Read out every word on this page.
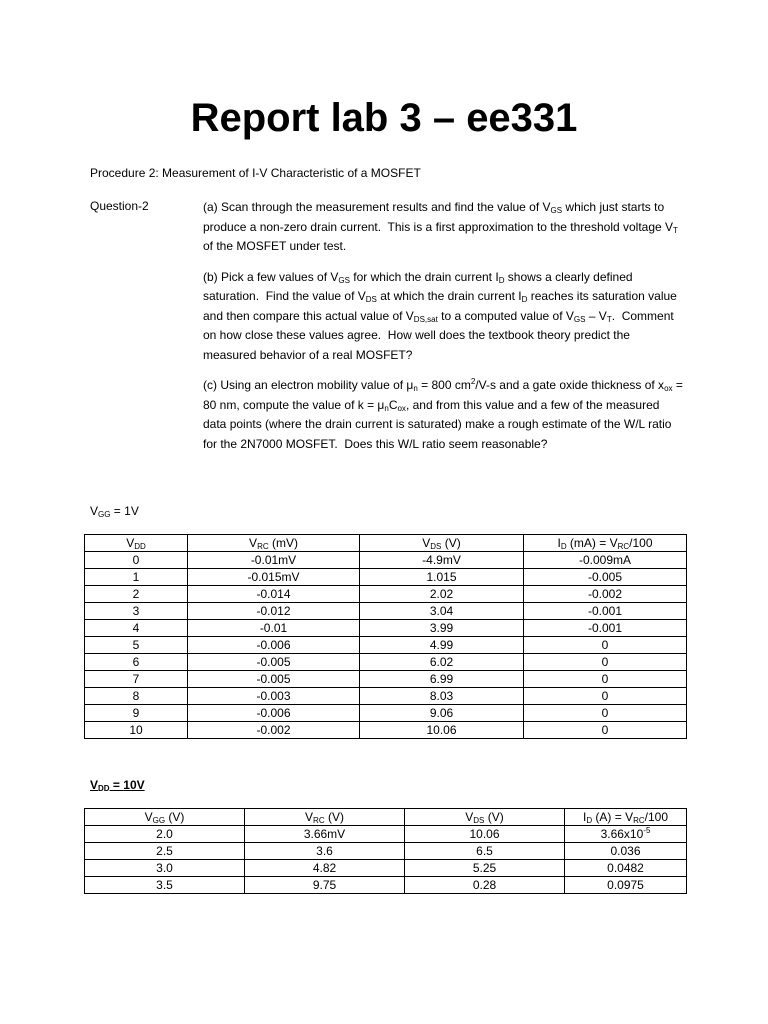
Report lab 3 – ee331
Procedure 2: Measurement of I-V Characteristic of a MOSFET
Question-2	(a) Scan through the measurement results and find the value of $V_{GS}$ which just starts to produce a non-zero drain current.  This is a first approximation to the threshold voltage $V_T$ of the MOSFET under test.

(b) Pick a few values of $V_{GS}$ for which the drain current $I_D$ shows a clearly defined saturation.  Find the value of $V_{DS}$ at which the drain current $I_D$ reaches its saturation value and then compare this actual value of $V_{DS,sat}$ to a computed value of $V_{GS} - V_T$.  Comment on how close these values agree.  How well does the textbook theory predict the measured behavior of a real MOSFET?

(c) Using an electron mobility value of $\mu_n = 800$ $cm^2/V-s$ and a gate oxide thickness of $x_{ox} = 80$ nm, compute the value of $k = \mu_nC_{ox}$, and from this value and a few of the measured data points (where the drain current is saturated) make a rough estimate of the W/L ratio for the 2N7000 MOSFET.  Does this W/L ratio seem reasonable?

$V_{GG} = 1V$
$V_{DD}$	$V_{RC}$ (mV)	$V_{DS}$ (V)	$I_D$ $(mA) = V_{RC}/100$
0	-0.01mV	-4.9mV	-0.009mA
1	-0.015mV	1.015	-0.005
2	-0.014	2.02	-0.002
3	-0.012	3.04	-0.001
4	-0.01	3.99	-0.001
5	-0.006	4.99	0
6	-0.005	6.02	0
7	-0.005	6.99	0
8	-0.003	8.03	0
9	-0.006	9.06	0
10	-0.002	10.06	0
$V_{DD} = 10V$
$V_{GG}$ (V)	$V_{RC}$ (V)	$V_{DS}$ (V)	$I_D$ $(A) = V_{RC}/100$
2.0	3.66mV	10.06	$3.66x10^{-5}$
2.5	3.6	6.5	0.036
3.0	4.82	5.25	0.0482
3.5	9.75	0.28	0.0975
